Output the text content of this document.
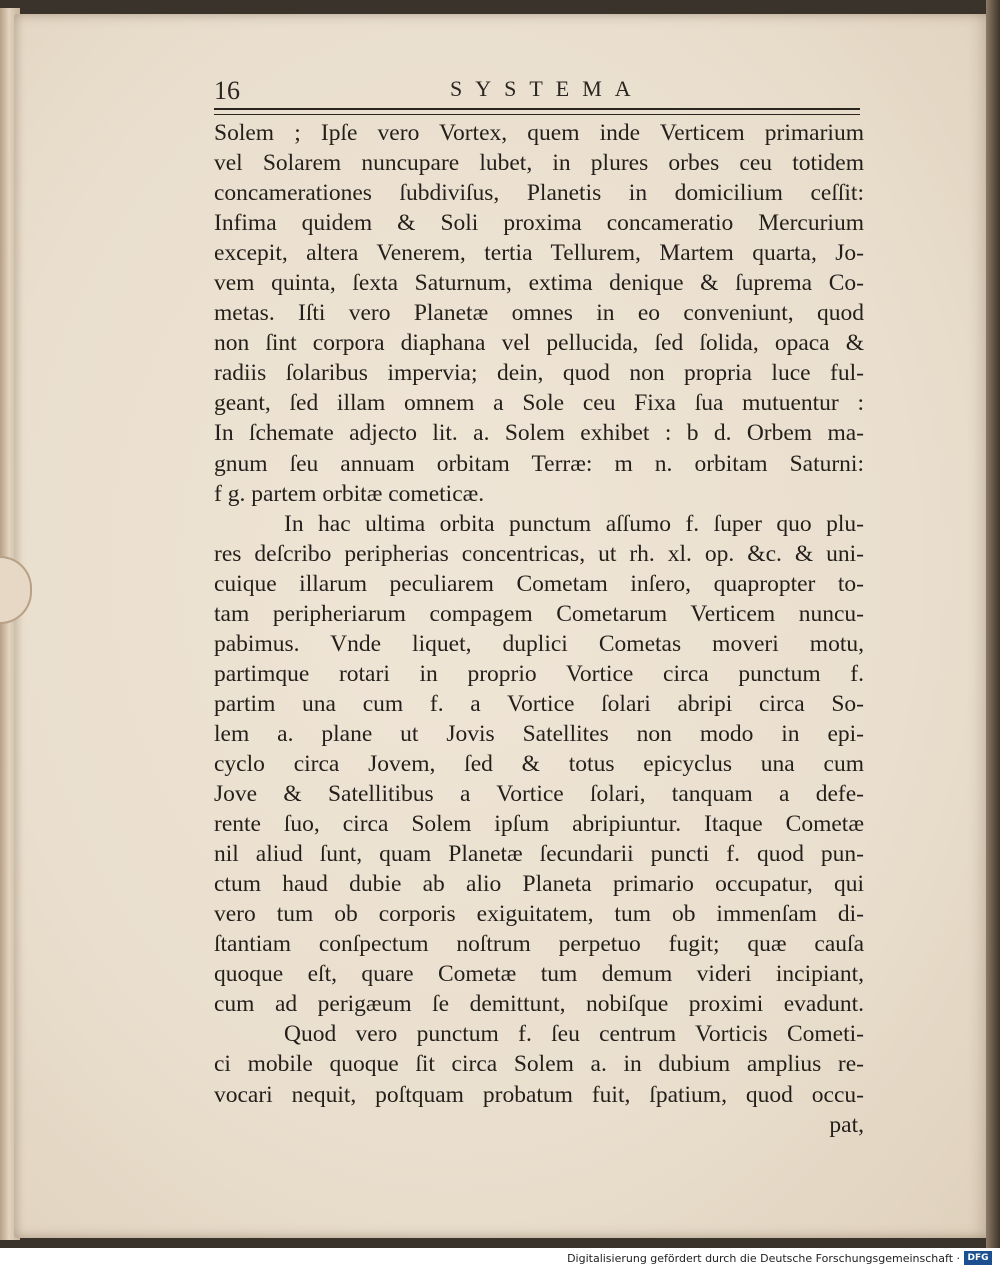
16	SYSTEMA
Solem ; Ipſe vero Vortex, quem inde Verticem primarium
vel Solarem nuncupare lubet, in plures orbes ceu totidem
concamerationes ſubdiviſus, Planetis in domicilium ceſſit:
Infima quidem & Soli proxima concameratio Mercurium
excepit, altera Venerem, tertia Tellurem, Martem quarta, Jo-
vem quinta, ſexta Saturnum, extima denique & ſuprema Co-
metas. Iſti vero Planetæ omnes in eo conveniunt, quod
non ſint corpora diaphana vel pellucida, ſed ſolida, opaca &
radiis ſolaribus impervia; dein, quod non propria luce ful-
geant, ſed illam omnem a Sole ceu Fixa ſua mutuentur :
In ſchemate adjecto lit. a. Solem exhibet : b d. Orbem ma-
gnum ſeu annuam orbitam Terræ: m n. orbitam Saturni:
f g. partem orbitæ cometicæ.
In hac ultima orbita punctum aſſumo f. ſuper quo plu-
res deſcribo peripherias concentricas, ut rh. xl. op. &c. & uni-
cuique illarum peculiarem Cometam inſero, quapropter to-
tam peripheriarum compagem Cometarum Verticem nuncu-
pabimus. Vnde liquet, duplici Cometas moveri motu,
partimque rotari in proprio Vortice circa punctum f.
partim una cum f. a Vortice ſolari abripi circa So-
lem a. plane ut Jovis Satellites non modo in epi-
cyclo circa Jovem, ſed & totus epicyclus una cum
Jove & Satellitibus a Vortice ſolari, tanquam a defe-
rente ſuo, circa Solem ipſum abripiuntur. Itaque Cometæ
nil aliud ſunt, quam Planetæ ſecundarii puncti f. quod pun-
ctum haud dubie ab alio Planeta primario occupatur, qui
vero tum ob corporis exiguitatem, tum ob immenſam di-
ſtantiam conſpectum noſtrum perpetuo fugit; quæ cauſa
quoque eſt, quare Cometæ tum demum videri incipiant,
cum ad perigæum ſe demittunt, nobiſque proximi evadunt.
Quod vero punctum f. ſeu centrum Vorticis Cometi-
ci mobile quoque ſit circa Solem a. in dubium amplius re-
vocari nequit, poſtquam probatum fuit, ſpatium, quod occu-
pat,
Digitalisierung gefördert durch die Deutsche Forschungsgemeinschaft · DFG
